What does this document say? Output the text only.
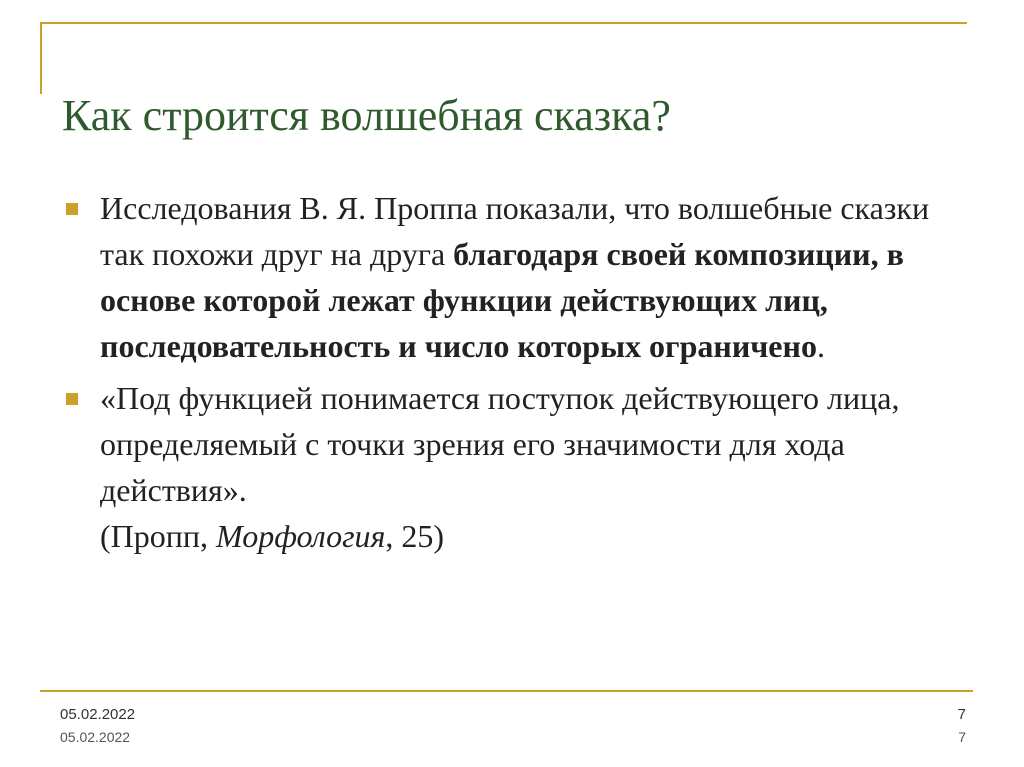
Как строится волшебная сказка?
Исследования В. Я. Проппа показали, что волшебные сказки так похожи друг на друга благодаря своей композиции, в основе которой лежат функции действующих лиц, последовательность и число которых ограничено.
«Под функцией понимается поступок действующего лица, определяемый с точки зрения его значимости для хода действия».
(Пропп, Морфология, 25)
05.02.2022
05.02.2022
7
7
